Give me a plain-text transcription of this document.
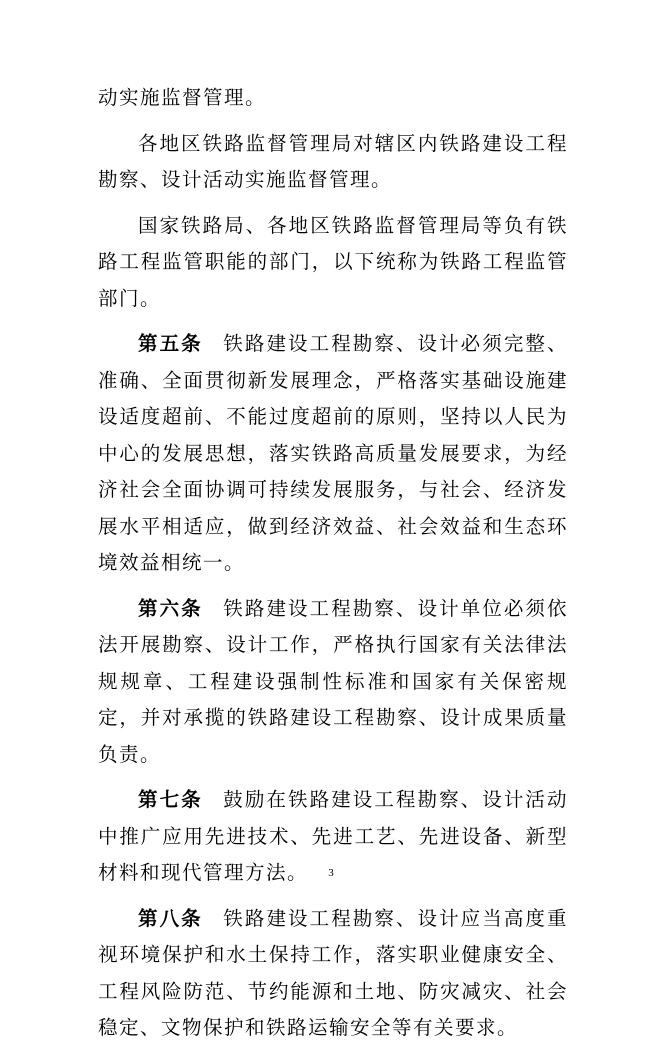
动实施监督管理。

各地区铁路监督管理局对辖区内铁路建设工程勘察、设计活动实施监督管理。

国家铁路局、各地区铁路监督管理局等负有铁路工程监管职能的部门，以下统称为铁路工程监管部门。

第五条 铁路建设工程勘察、设计必须完整、准确、全面贯彻新发展理念，严格落实基础设施建设适度超前、不能过度超前的原则，坚持以人民为中心的发展思想，落实铁路高质量发展要求，为经济社会全面协调可持续发展服务，与社会、经济发展水平相适应，做到经济效益、社会效益和生态环境效益相统一。

第六条 铁路建设工程勘察、设计单位必须依法开展勘察、设计工作，严格执行国家有关法律法规规章、工程建设强制性标准和国家有关保密规定，并对承揽的铁路建设工程勘察、设计成果质量负责。

第七条 鼓励在铁路建设工程勘察、设计活动中推广应用先进技术、先进工艺、先进设备、新型材料和现代管理方法。

第八条 铁路建设工程勘察、设计应当高度重视环境保护和水土保持工作，落实职业健康安全、工程风险防范、节约能源和土地、防灾减灾、社会稳定、文物保护和铁路运输安全等有关要求。

3
